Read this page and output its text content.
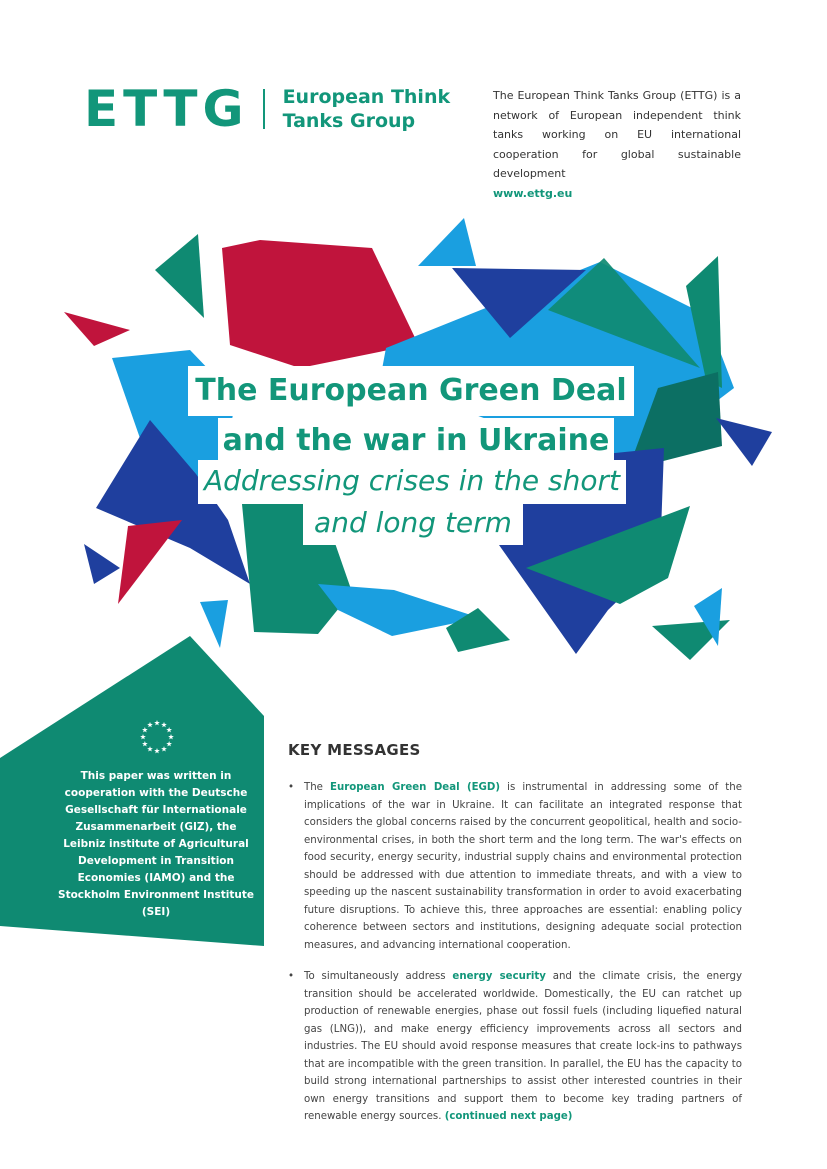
ETTG European Think
Tanks Group
The European Think Tanks Group (ETTG) is a network of European independent think tanks working on EU international cooperation for global sustainable development
www.ettg.eu
The European Green Deal
and the war in Ukraine
Addressing crises in the short
and long term
July 2022
This paper was written in cooperation with the Deutsche Gesellschaft für Internationale Zusammenarbeit (GIZ), the Leibniz institute of Agricultural Development in Transition Economies (IAMO) and the Stockholm Environment Institute (SEI)
KEY MESSAGES
• The European Green Deal (EGD) is instrumental in addressing some of the implications of the war in Ukraine. It can facilitate an integrated response that considers the global concerns raised by the concurrent geopolitical, health and socio-environmental crises, in both the short term and the long term. The war's effects on food security, energy security, industrial supply chains and environmental protection should be addressed with due attention to immediate threats, and with a view to speeding up the nascent sustainability transformation in order to avoid exacerbating future disruptions. To achieve this, three approaches are essential: enabling policy coherence between sectors and institutions, designing adequate social protection measures, and advancing international cooperation.
• To simultaneously address energy security and the climate crisis, the energy transition should be accelerated worldwide. Domestically, the EU can ratchet up production of renewable energies, phase out fossil fuels (including liquefied natural gas (LNG)), and make energy efficiency improvements across all sectors and industries. The EU should avoid response measures that create lock-ins to pathways that are incompatible with the green transition. In parallel, the EU has the capacity to build strong international partnerships to assist other interested countries in their own energy transitions and support them to become key trading partners of renewable energy sources. (continued next page)
